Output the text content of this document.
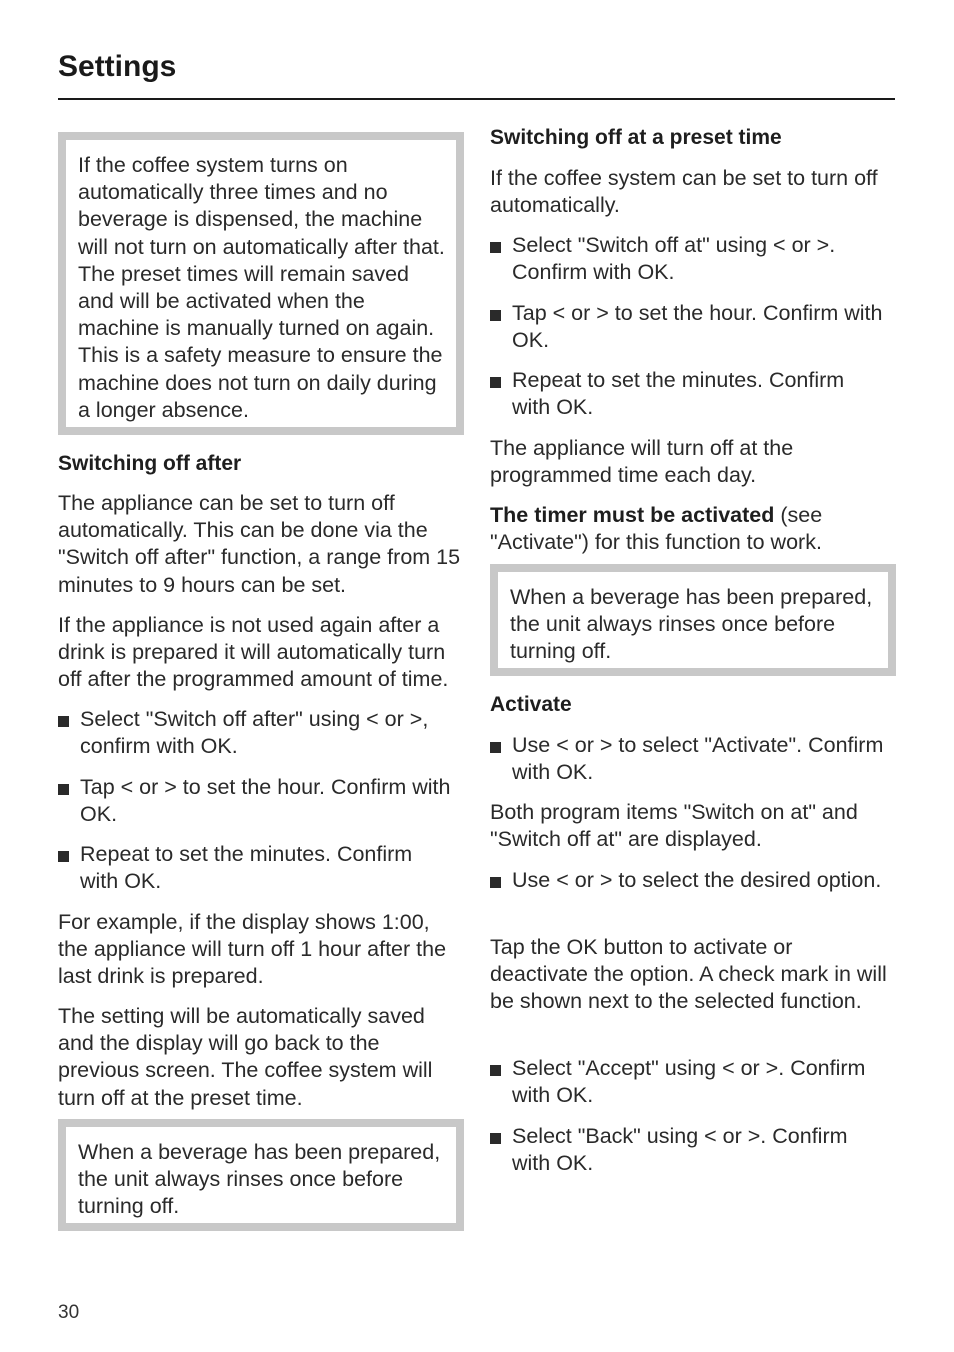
Settings
If the coffee system turns on automatically three times and no beverage is dispensed, the machine will not turn on automatically after that. The preset times will remain saved and will be activated when the machine is manually turned on again. This is a safety measure to ensure the machine does not turn on daily during a longer absence.
Switching off after

The appliance can be set to turn off automatically. This can be done via the "Switch off after" function, a range from 15 minutes to 9 hours can be set.

If the appliance is not used again after a drink is prepared it will automatically turn off after the programmed amount of time.

Select "Switch off after" using < or >, confirm with OK.
Tap < or > to set the hour. Confirm with OK.
Repeat to set the minutes. Confirm with OK.

For example, if the display shows 1:00, the appliance will turn off 1 hour after the last drink is prepared.

The setting will be automatically saved and the display will go back to the previous screen. The coffee system will turn off at the preset time.

When a beverage has been prepared, the unit always rinses once before turning off.
Switching off at a preset time

If the coffee system can be set to turn off automatically.

Select "Switch off at" using < or >. Confirm with OK.
Tap < or > to set the hour. Confirm with OK.
Repeat to set the minutes. Confirm with OK.

The appliance will turn off at the programmed time each day.

The timer must be activated (see "Activate") for this function to work.

When a beverage has been prepared, the unit always rinses once before turning off.
Activate
Use < or > to select "Activate". Confirm with OK.

Both program items "Switch on at" and "Switch off at" are displayed.

Use < or > to select the desired option.

Tap the OK button to activate or deactivate the option. A check mark in will be shown next to the selected function.

Select "Accept" using < or >. Confirm with OK.
Select "Back" using < or >. Confirm with OK.
30
